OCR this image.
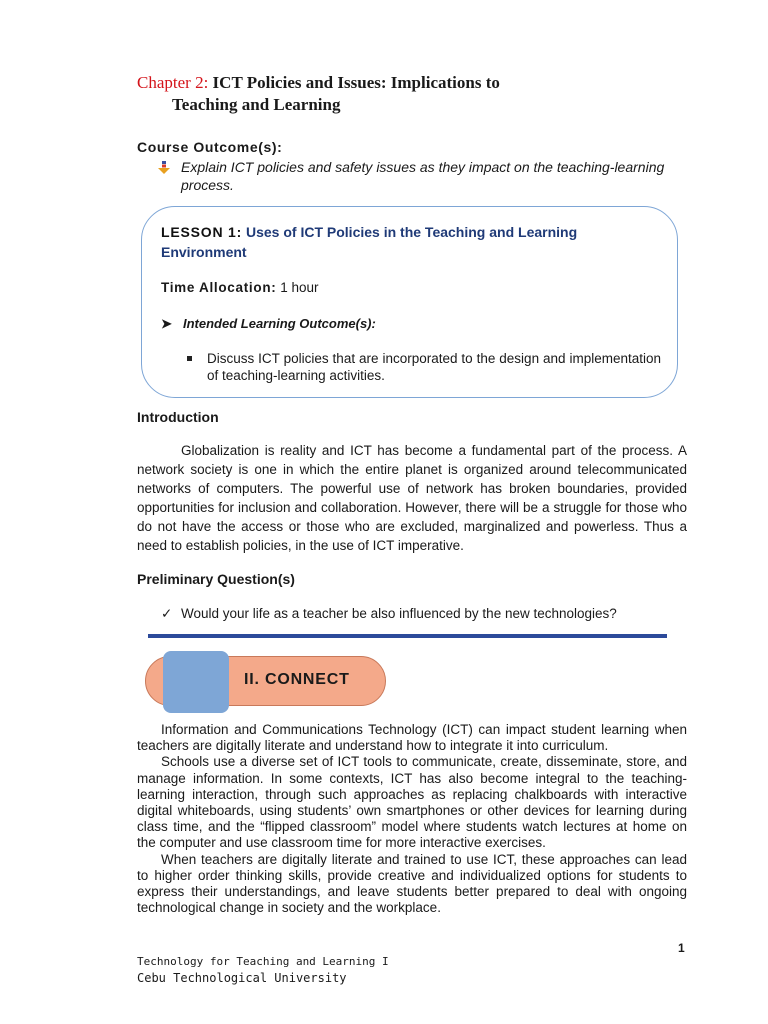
Chapter 2: ICT Policies and Issues: Implications to
Teaching and Learning
Course Outcome(s):
Explain ICT policies and safety issues as they impact on the teaching-learning process.
LESSON 1: Uses of ICT Policies in the Teaching and Learning Environment
Time Allocation: 1 hour
➤ Intended Learning Outcome(s):
Discuss ICT policies that are incorporated to the design and implementation of teaching-learning activities.
Introduction
Globalization is reality and ICT has become a fundamental part of the process. A network society is one in which the entire planet is organized around telecommunicated networks of computers. The powerful use of network has broken boundaries, provided opportunities for inclusion and collaboration. However, there will be a struggle for those who do not have the access or those who are excluded, marginalized and powerless. Thus a need to establish policies, in the use of ICT imperative.
Preliminary Question(s)
✓ Would your life as a teacher be also influenced by the new technologies?
II. CONNECT

Information and Communications Technology (ICT) can impact student learning when teachers are digitally literate and understand how to integrate it into curriculum.

Schools use a diverse set of ICT tools to communicate, create, disseminate, store, and manage information. In some contexts, ICT has also become integral to the teaching-learning interaction, through such approaches as replacing chalkboards with interactive digital whiteboards, using students’ own smartphones or other devices for learning during class time, and the “flipped classroom” model where students watch lectures at home on the computer and use classroom time for more interactive exercises.

When teachers are digitally literate and trained to use ICT, these approaches can lead to higher order thinking skills, provide creative and individualized options for students to express their understandings, and leave students better prepared to deal with ongoing technological change in society and the workplace.

1
Technology for Teaching and Learning I
Cebu Technological University
